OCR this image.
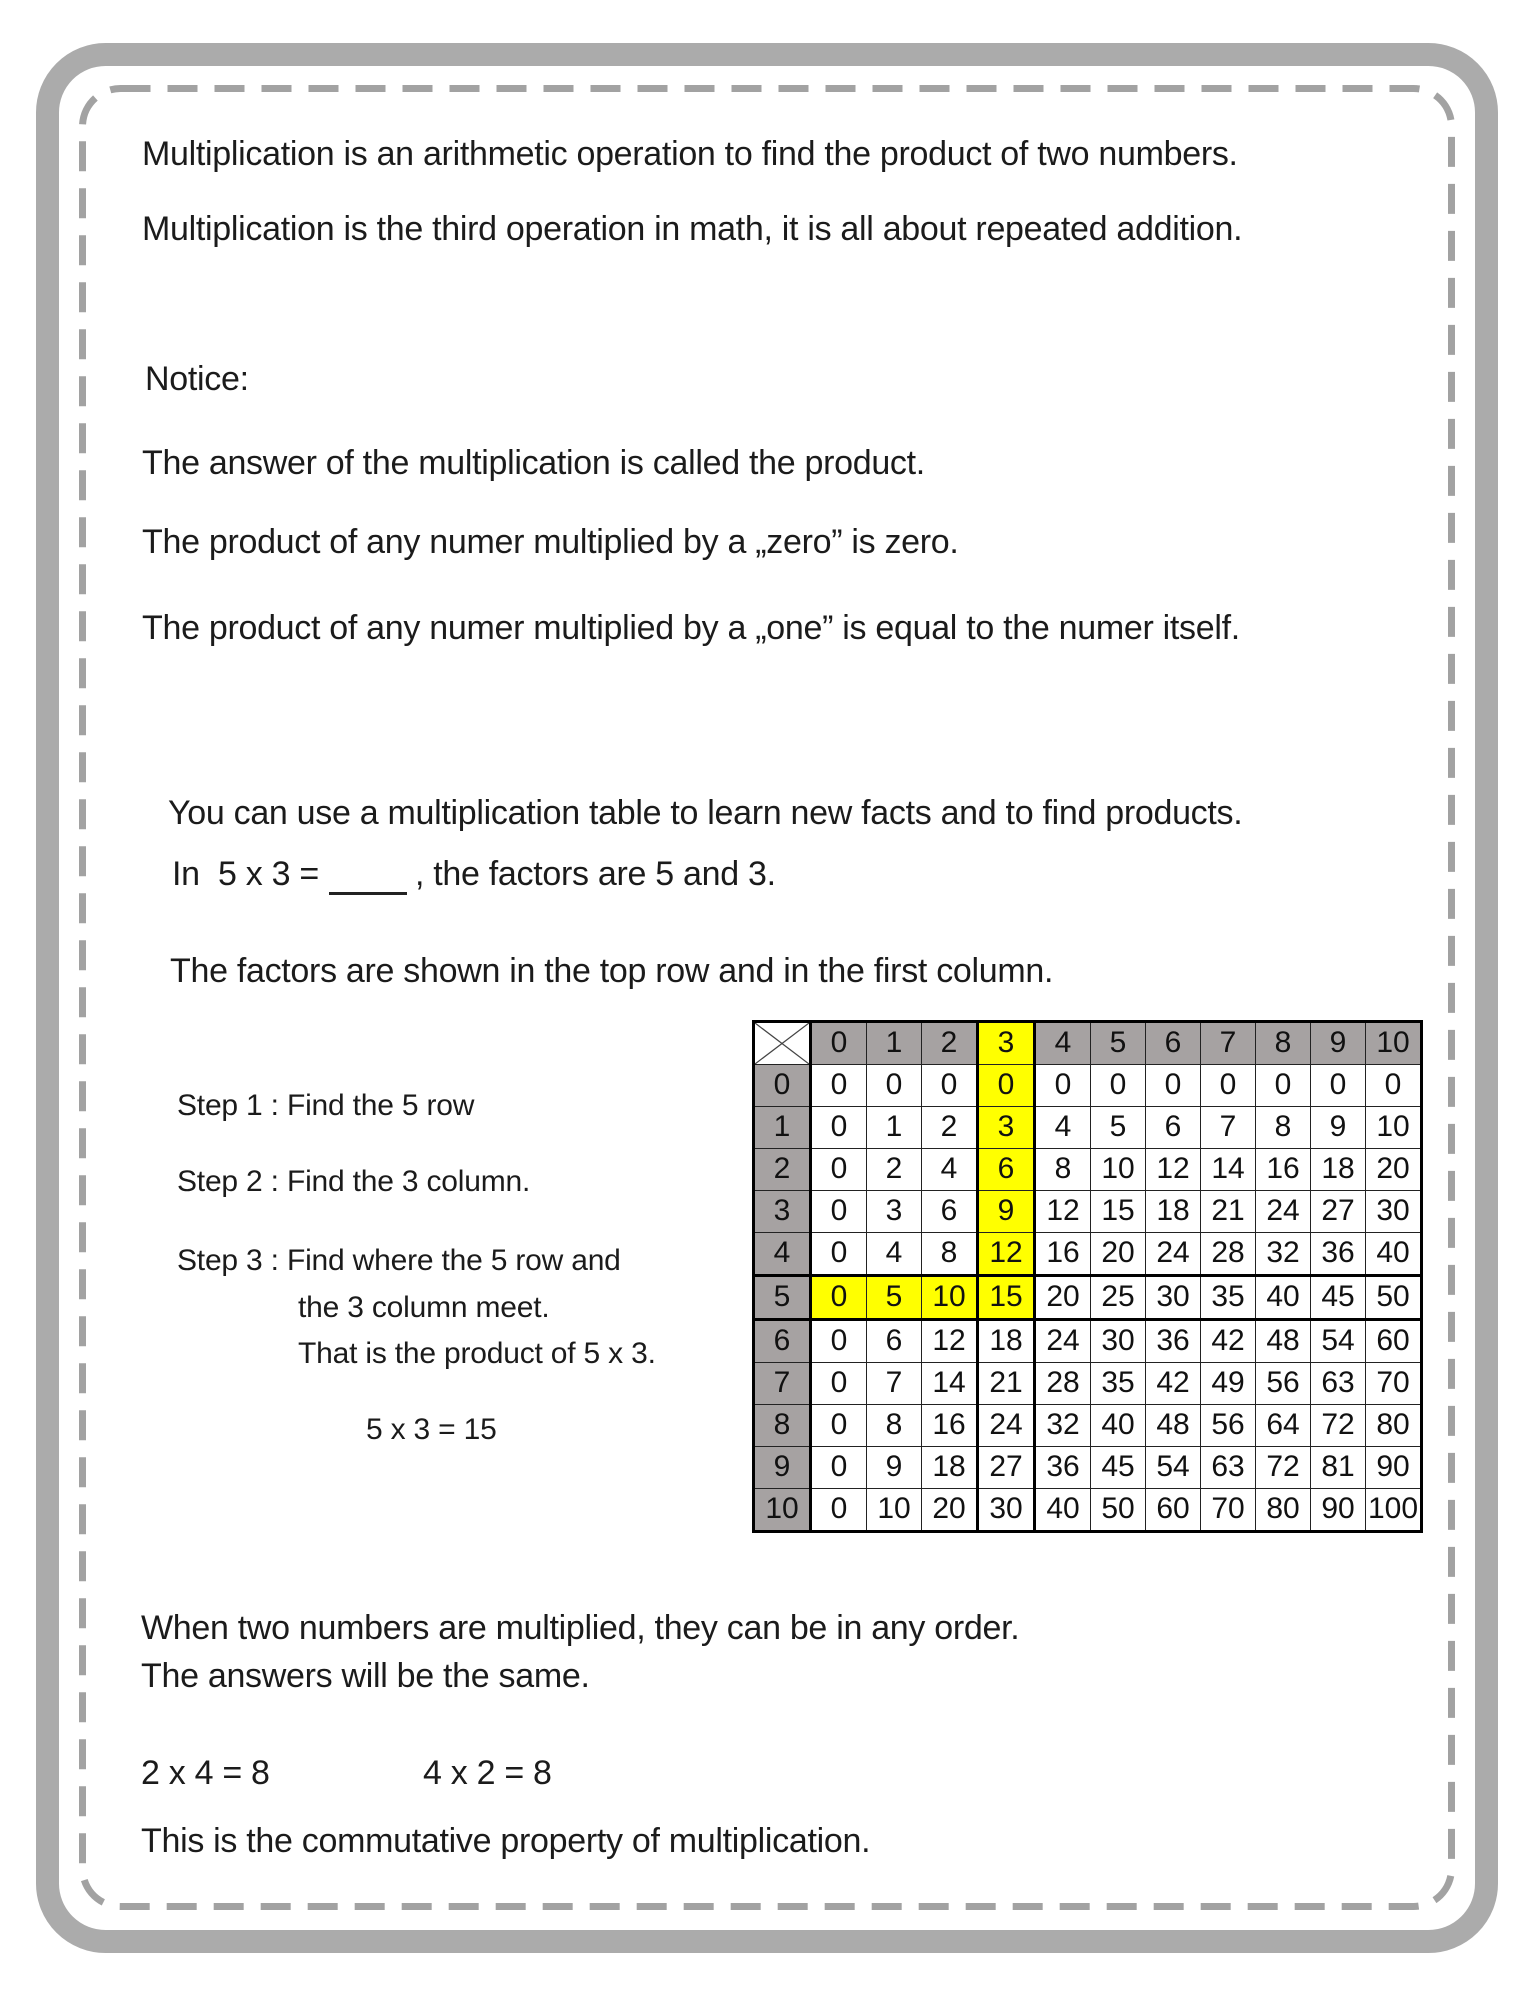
Multiplication is an arithmetic operation to find the product of two numbers.
Multiplication is the third operation in math, it is all about repeated addition.
Notice:
The answer of the multiplication is called the product.
The product of any numer multiplied by a „zero” is zero.
The product of any numer multiplied by a „one” is equal to the numer itself.
You can use a multiplication table to learn new facts and to find products.
In  5 x 3 =	, the factors are 5 and 3.
The factors are shown in the top row and in the first column.
Step 1 : Find the 5 row
Step 2 : Find the 3 column.
Step 3 : Find where the 5 row and
the 3 column meet.
That is the product of 5 x 3.
5 x 3 = 15
	0	1	2	3	4	5	6	7	8	9	10
0	0	0	0	0	0	0	0	0	0	0	0
1	0	1	2	3	4	5	6	7	8	9	10
2	0	2	4	6	8	10	12	14	16	18	20
3	0	3	6	9	12	15	18	21	24	27	30
4	0	4	8	12	16	20	24	28	32	36	40
5	0	5	10	15	20	25	30	35	40	45	50
6	0	6	12	18	24	30	36	42	48	54	60
7	0	7	14	21	28	35	42	49	56	63	70
8	0	8	16	24	32	40	48	56	64	72	80
9	0	9	18	27	36	45	54	63	72	81	90
10	0	10	20	30	40	50	60	70	80	90	100
When two numbers are multiplied, they can be in any order.
The answers will be the same.
2 x 4 = 8	4 x 2 = 8
This is the commutative property of multiplication.
